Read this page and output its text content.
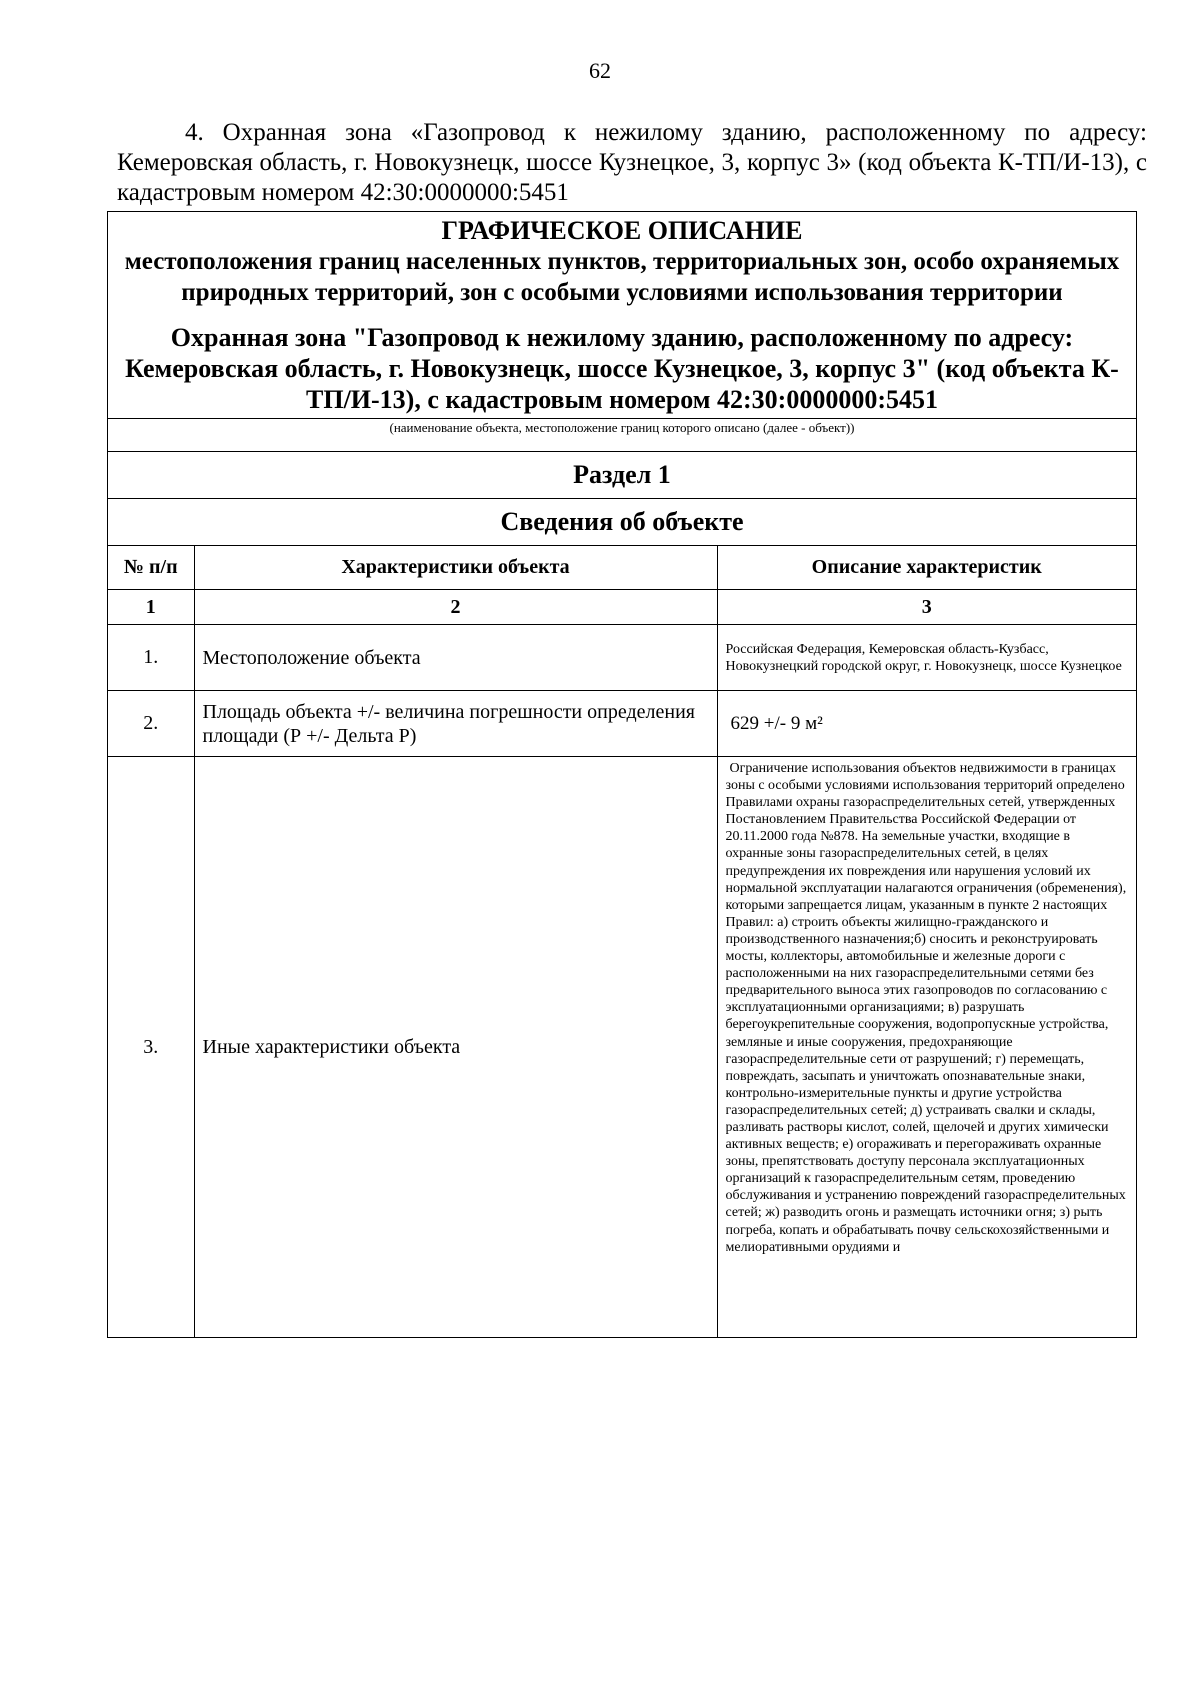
62
4. Охранная зона «Газопровод к нежилому зданию, расположенному по адресу: Кемеровская область, г. Новокузнецк, шоссе Кузнецкое, 3, корпус 3» (код объекта К-ТП/И-13), с кадастровым номером 42:30:0000000:5451
ГРАФИЧЕСКОЕ ОПИСАНИЕ
местоположения границ населенных пунктов, территориальных зон, особо охраняемых природных территорий, зон с особыми условиями использования территории
Охранная зона "Газопровод к нежилому зданию, расположенному по адресу: Кемеровская область, г. Новокузнецк, шоссе Кузнецкое, 3, корпус 3" (код объекта К-ТП/И-13), с кадастровым номером 42:30:0000000:5451
(наименование объекта, местоположение границ которого описано (далее - объект))
Раздел 1
Сведения об объекте
№ п/п	Характеристики объекта	Описание характеристик
1	2	3
1.	Местоположение объекта	Российская Федерация, Кемеровская область-Кузбасс, Новокузнецкий городской округ, г. Новокузнецк, шоссе Кузнецкое
2.	Площадь объекта +/- величина погрешности определения площади (Р +/- Дельта Р)	629 +/- 9 м²
3.	Иные характеристики объекта	Ограничение использования объектов недвижимости в границах зоны с особыми условиями использования территорий определено Правилами охраны газораспределительных сетей, утвержденных Постановлением Правительства Российской Федерации от 20.11.2000 года №878. На земельные участки, входящие в охранные зоны газораспределительных сетей, в целях предупреждения их повреждения или нарушения условий их нормальной эксплуатации налагаются ограничения (обременения), которыми запрещается лицам, указанным в пункте 2 настоящих Правил: а) строить объекты жилищно-гражданского и производственного назначения;б) сносить и реконструировать мосты, коллекторы, автомобильные и железные дороги с расположенными на них газораспределительными сетями без предварительного выноса этих газопроводов по согласованию с эксплуатационными организациями; в) разрушать берегоукрепительные сооружения, водопропускные устройства, земляные и иные сооружения, предохраняющие газораспределительные сети от разрушений; г) перемещать, повреждать, засыпать и уничтожать опознавательные знаки, контрольно-измерительные пункты и другие устройства газораспределительных сетей; д) устраивать свалки и склады, разливать растворы кислот, солей, щелочей и других химически активных веществ; е) огораживать и перегораживать охранные зоны, препятствовать доступу персонала эксплуатационных организаций к газораспределительным сетям, проведению обслуживания и устранению повреждений газораспределительных сетей; ж) разводить огонь и размещать источники огня; з) рыть погреба, копать и обрабатывать почву сельскохозяйственными и мелиоративными орудиями и
